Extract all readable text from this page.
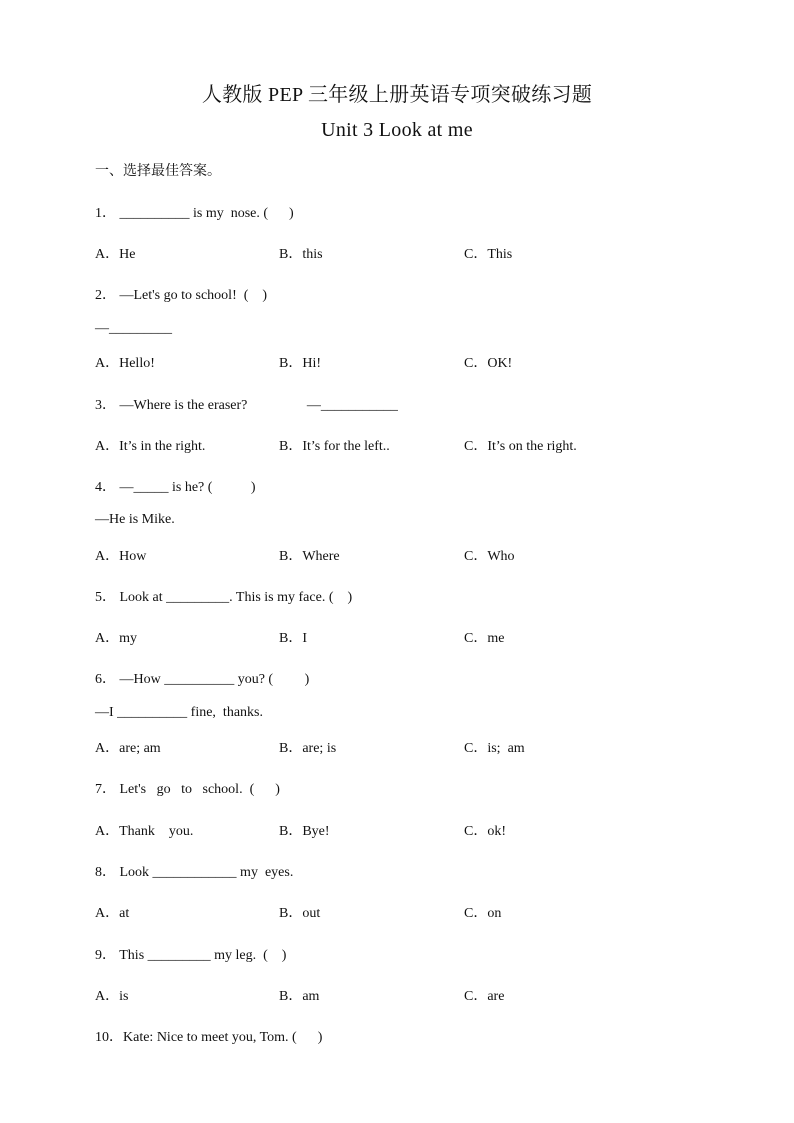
人教版 PEP 三年级上册英语专项突破练习题
Unit 3 Look at me
一、选择最佳答案。
1． __________ is my  nose. (      )
A．He	B．this	C．This
2． —Let's go to school!  (    )
—_________
A．Hello!	B．Hi!	C．OK!
3． —Where is the eraser?                 —___________
A．It’s in the right.	B．It’s for the left..	C．It’s on the right.
4． —_____ is he? (           )
—He is Mike.
A．How	B．Where	C．Who
5． Look at _________. This is my face. (    )
A．my	B．I	C．me
6． —How __________ you? (         )
—I __________ fine,  thanks.
A．are; am	B．are; is	C．is;  am
7． Let's   go   to   school.  (      )
A．Thank    you.	B．Bye!	C．ok!
8． Look ____________ my  eyes.
A．at	B．out	C．on
9． This _________ my leg.  (    )
A．is	B．am	C．are
10．Kate: Nice to meet you, Tom. (      )
